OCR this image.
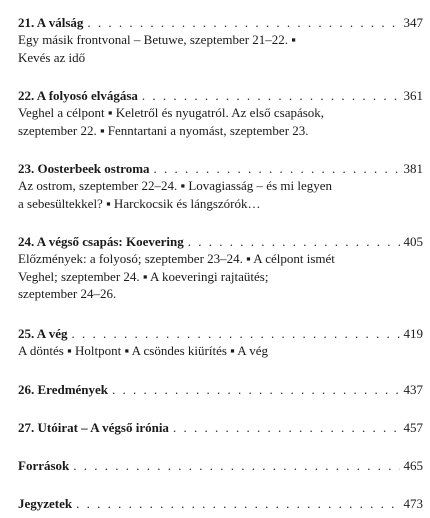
21. A válság . . .	347

Egy másik frontvonal – Betuwe, szeptember 21–22. ▪

Kevés az idő

22. A folyosó elvágása . . .	361

Veghel a célpont ▪ Keletről és nyugatról. Az első csapások,

szeptember 22. ▪ Fenntartani a nyomást, szeptember 23.

23. Oosterbeek ostroma . . .	381

Az ostrom, szeptember 22–24. ▪ Lovagiasság – és mi legyen

a sebesültekkel? ▪ Harckocsik és lángszórók…

24. A végső csapás: Koevering . . .	405

Előzmények: a folyosó; szeptember 23–24. ▪ A célpont ismét

Veghel; szeptember 24. ▪ A koeveringi rajtaütés;

szeptember 24–26.

25. A vég . . .	419

A döntés ▪ Holtpont ▪ A csöndes kiürítés ▪ A vég

26. Eredmények . . .	437
27. Utóirat – A végső irónia . . .	457
Források . . .	465
Jegyzetek . . .	473
